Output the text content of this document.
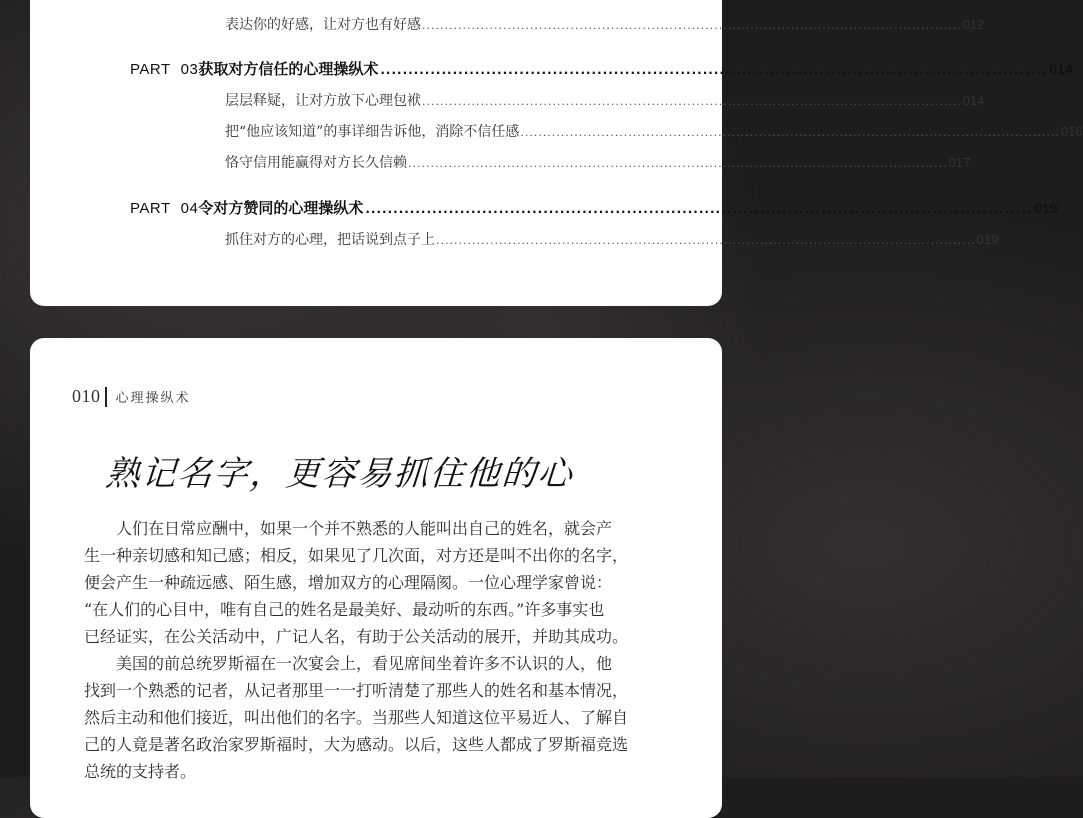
表达你的好感，让对方也有好感 .....	012
PART 03 获取对方信任的心理操纵术 .....	014
层层释疑，让对方放下心理包袱 .....	014
把“他应该知道”的事详细告诉他，消除不信任感 .....	016
恪守信用能赢得对方长久信赖 .....	017
PART 04 令对方赞同的心理操纵术 .....	019
抓住对方的心理，把话说到点子上 .....	019
010 心理操纵术
熟记名字，更容易抓住他的心
　　人们在日常应酬中，如果一个并不熟悉的人能叫出自己的姓名，就会产
生一种亲切感和知己感；相反，如果见了几次面，对方还是叫不出你的名字，
便会产生一种疏远感、陌生感，增加双方的心理隔阂。一位心理学家曾说：
“在人们的心目中，唯有自己的姓名是最美好、最动听的东西。”许多事实也
已经证实，在公关活动中，广记人名，有助于公关活动的展开，并助其成功。
　　美国的前总统罗斯福在一次宴会上，看见席间坐着许多不认识的人，他
找到一个熟悉的记者，从记者那里一一打听清楚了那些人的姓名和基本情况，
然后主动和他们接近，叫出他们的名字。当那些人知道这位平易近人、了解自
己的人竟是著名政治家罗斯福时，大为感动。以后，这些人都成了罗斯福竞选
总统的支持者。
